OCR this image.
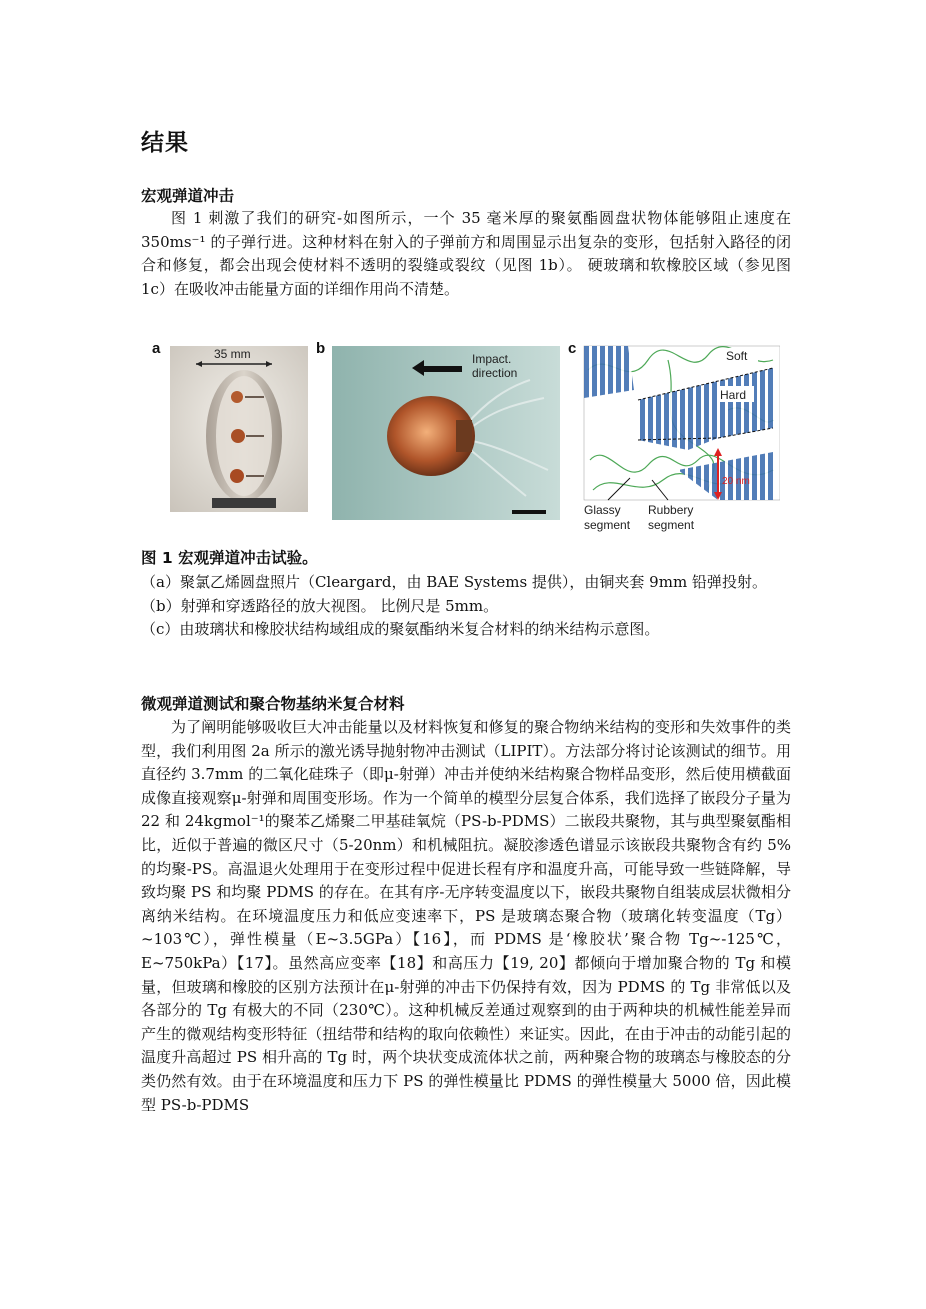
结果
宏观弹道冲击

图 1 刺激了我们的研究-如图所示，一个 35 毫米厚的聚氨酯圆盘状物体能够阻止速度在 350ms⁻¹ 的子弹行进。这种材料在射入的子弹前方和周围显示出复杂的变形，包括射入路径的闭合和修复，都会出现会使材料不透明的裂缝或裂纹（见图 1b）。 硬玻璃和软橡胶区域（参见图 1c）在吸收冲击能量方面的详细作用尚不清楚。

a	35 mm	b
Impact.
direction
c
Hard
Soft
20 nm
Glassy
segment
Rubbery
segment
图 1 宏观弹道冲击试验。

（a）聚氯乙烯圆盘照片（Cleargard，由 BAE Systems 提供），由铜夹套 9mm 铅弹投射。

（b）射弹和穿透路径的放大视图。 比例尺是 5mm。

（c）由玻璃状和橡胶状结构域组成的聚氨酯纳米复合材料的纳米结构示意图。

微观弹道测试和聚合物基纳米复合材料

为了阐明能够吸收巨大冲击能量以及材料恢复和修复的聚合物纳米结构的变形和失效事件的类型，我们利用图 2a 所示的激光诱导抛射物冲击测试（LIPIT）。方法部分将讨论该测试的细节。用直径约 3.7mm 的二氧化硅珠子（即μ-射弹）冲击并使纳米结构聚合物样品变形，然后使用横截面成像直接观察μ-射弹和周围变形场。作为一个简单的模型分层复合体系，我们选择了嵌段分子量为 22 和 24kgmol⁻¹的聚苯乙烯聚二甲基硅氧烷（PS-b-PDMS）二嵌段共聚物，其与典型聚氨酯相比，近似于普遍的微区尺寸（5-20nm）和机械阻抗。凝胶渗透色谱显示该嵌段共聚物含有约 5%的均聚-PS。高温退火处理用于在变形过程中促进长程有序和温度升高，可能导致一些链降解，导致均聚 PS 和均聚 PDMS 的存在。在其有序-无序转变温度以下，嵌段共聚物自组装成层状微相分离纳米结构。在环境温度压力和低应变速率下，PS 是玻璃态聚合物（玻璃化转变温度（Tg）~103℃），弹性模量（E~3.5GPa）【16】，而 PDMS 是‘橡胶状’聚合物 Tg~-125℃，E~750kPa）【17】。虽然高应变率【18】和高压力【19, 20】都倾向于增加聚合物的 Tg 和模量，但玻璃和橡胶的区别方法预计在μ-射弹的冲击下仍保持有效，因为 PDMS 的 Tg 非常低以及各部分的 Tg 有极大的不同（230℃）。这种机械反差通过观察到的由于两种块的机械性能差异而产生的微观结构变形特征（扭结带和结构的取向依赖性）来证实。因此，在由于冲击的动能引起的温度升高超过 PS 相升高的 Tg 时，两个块状变成流体状之前，两种聚合物的玻璃态与橡胶态的分类仍然有效。由于在环境温度和压力下 PS 的弹性模量比 PDMS 的弹性模量大 5000 倍，因此模型 PS-b-PDMS
